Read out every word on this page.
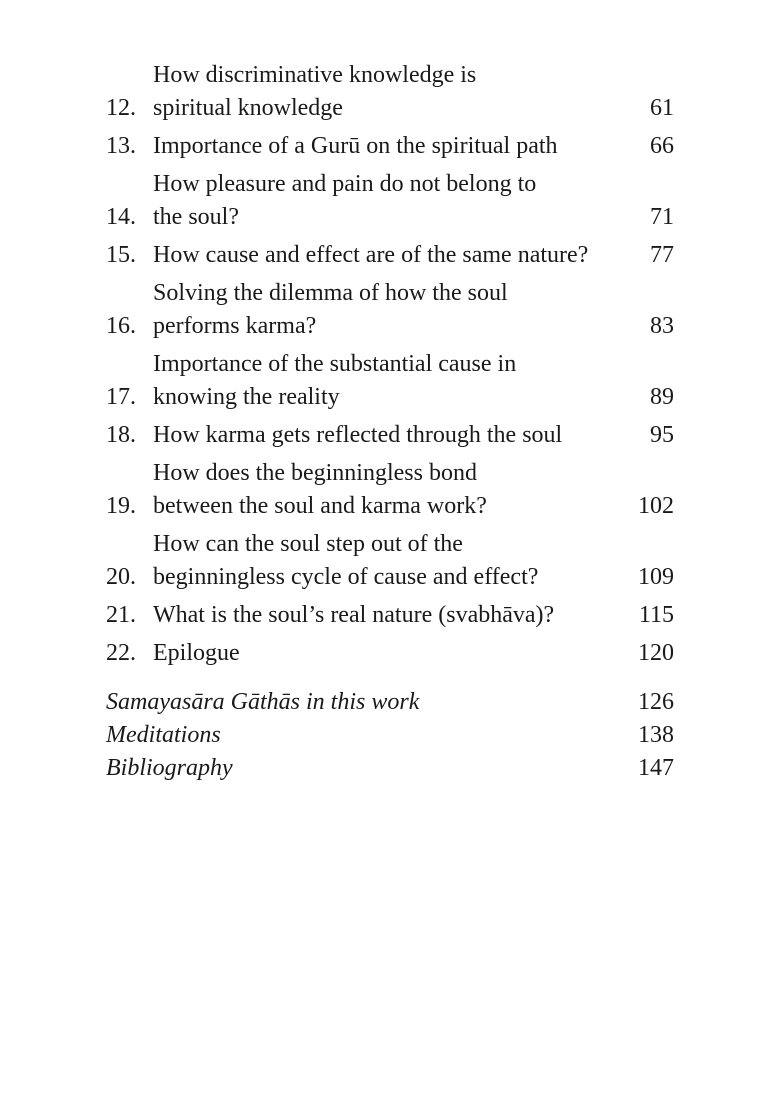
12.
How discriminative knowledge is
spiritual knowledge	61
13. Importance of a Gurū on the spiritual path	66
14.
How pleasure and pain do not belong to
the soul?	71
15. How cause and effect are of the same nature?	77
16.
Solving the dilemma of how the soul
performs karma?	83
17.
Importance of the substantial cause in
knowing the reality	89
18. How karma gets reflected through the soul	95
19.
How does the beginningless bond
between the soul and karma work?	102
20.
How can the soul step out of the
beginningless cycle of cause and effect?	109
21. What is the soul’s real nature (svabhāva)?	115
22. Epilogue	120
Samayasāra Gāthās in this work	126
Meditations	138
Bibliography	147
